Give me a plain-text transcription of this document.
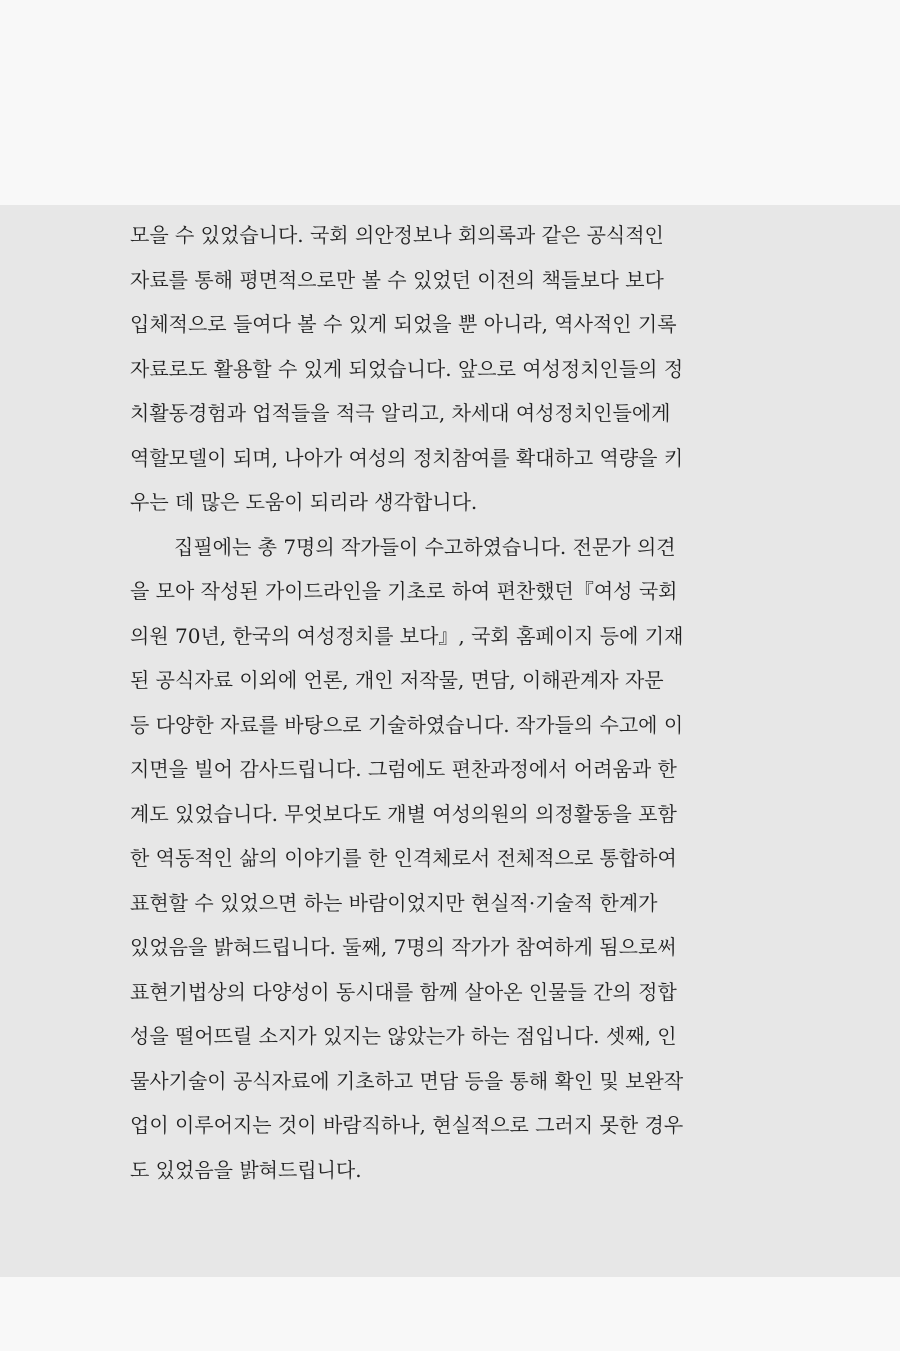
모을 수 있었습니다. 국회 의안정보나 회의록과 같은 공식적인
자료를 통해 평면적으로만 볼 수 있었던 이전의 책들보다 보다
입체적으로 들여다 볼 수 있게 되었을 뿐 아니라, 역사적인 기록
자료로도 활용할 수 있게 되었습니다. 앞으로 여성정치인들의 정
치활동경험과 업적들을 적극 알리고, 차세대 여성정치인들에게
역할모델이 되며, 나아가 여성의 정치참여를 확대하고 역량을 키
우는 데 많은 도움이 되리라 생각합니다.
집필에는 총 7명의 작가들이 수고하였습니다. 전문가 의견
을 모아 작성된 가이드라인을 기초로 하여 편찬했던『여성 국회
의원 70년, 한국의 여성정치를 보다』, 국회 홈페이지 등에 기재
된 공식자료 이외에 언론, 개인 저작물, 면담, 이해관계자 자문
등 다양한 자료를 바탕으로 기술하였습니다. 작가들의 수고에 이
지면을 빌어 감사드립니다. 그럼에도 편찬과정에서 어려움과 한
계도 있었습니다. 무엇보다도 개별 여성의원의 의정활동을 포함
한 역동적인 삶의 이야기를 한 인격체로서 전체적으로 통합하여
표현할 수 있었으면 하는 바람이었지만 현실적·기술적 한계가
있었음을 밝혀드립니다. 둘째, 7명의 작가가 참여하게 됨으로써
표현기법상의 다양성이 동시대를 함께 살아온 인물들 간의 정합
성을 떨어뜨릴 소지가 있지는 않았는가 하는 점입니다. 셋째, 인
물사기술이 공식자료에 기초하고 면담 등을 통해 확인 및 보완작
업이 이루어지는 것이 바람직하나, 현실적으로 그러지 못한 경우
도 있었음을 밝혀드립니다.
